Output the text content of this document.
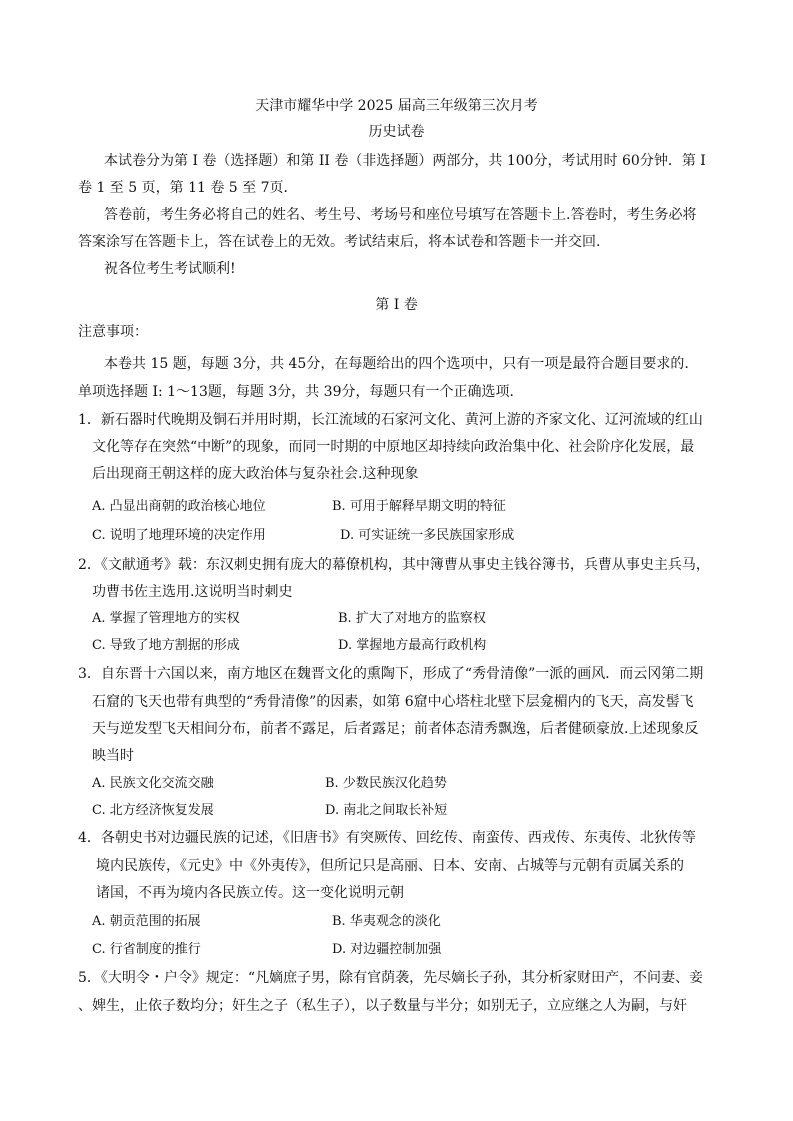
天津市耀华中学 2025 届高三年级第三次月考
历史试卷
本试卷分为第 I 卷（选择题）和第 II 卷（非选择题）两部分，共 100分，考试用时 60分钟．第 I
卷 1 至 5 页，第 11 卷 5 至 7页．
答卷前，考生务必将自己的姓名、考生号、考场号和座位号填写在答题卡上.答卷时，考生务必将
答案涂写在答题卡上，答在试卷上的无效。考试结束后，将本试卷和答题卡一并交回.
祝各位考生考试顺利!
第 I 卷
注意事项：
本卷共 15 题，每题 3分，共 45分，在每题给出的四个选项中，只有一项是最符合题目要求的.
单项选择题 I: 1～13题，每题 3分，共 39分，每题只有一个正确选项．
1．新石器时代晚期及铜石并用时期，长江流域的石家河文化、黄河上游的齐家文化、辽河流域的红山
文化等存在突然“中断”的现象，而同一时期的中原地区却持续向政治集中化、社会阶序化发展，最
后出现商王朝这样的庞大政治体与复杂社会.这种现象
A. 凸显出商朝的政治核心地位	B. 可用于解释早期文明的特征
C. 说明了地理环境的决定作用	D. 可实证统一多民族国家形成
2．《文献通考》载：东汉刺史拥有庞大的幕僚机构，其中簿曹从事史主钱谷簿书，兵曹从事史主兵马，
功曹书佐主选用.这说明当时刺史
A. 掌握了管理地方的实权	B. 扩大了对地方的监察权
C. 导致了地方割据的形成	D. 掌握地方最高行政机构
3．自东晋十六国以来，南方地区在魏晋文化的熏陶下，形成了“秀骨清像”一派的画风．而云冈第二期
石窟的飞天也带有典型的“秀骨清像”的因素，如第 6窟中心塔柱北壁下层龛楣内的飞天，高发髻飞
天与逆发型飞天相间分布，前者不露足，后者露足；前者体态清秀飘逸，后者健硕豪放.上述现象反
映当时
A. 民族文化交流交融	B. 少数民族汉化趋势
C. 北方经济恢复发展	D. 南北之间取长补短
4．各朝史书对边疆民族的记述，《旧唐书》有突厥传、回纥传、南蛮传、西戎传、东夷传、北狄传等
境内民族传，《元史》中《外夷传》，但所记只是高丽、日本、安南、占城等与元朝有贡属关系的
诸国，不再为境内各民族立传。这一变化说明元朝
A. 朝贡范围的拓展	B. 华夷观念的淡化
C. 行省制度的推行	D. 对边疆控制加强
5．《大明令・户令》规定：“凡嫡庶子男，除有官荫袭，先尽嫡长子孙，其分析家财田产，不问妻、妾
、婢生，止依子数均分；奸生之子（私生子），以子数量与半分；如别无子，立应继之人为嗣，与奸
